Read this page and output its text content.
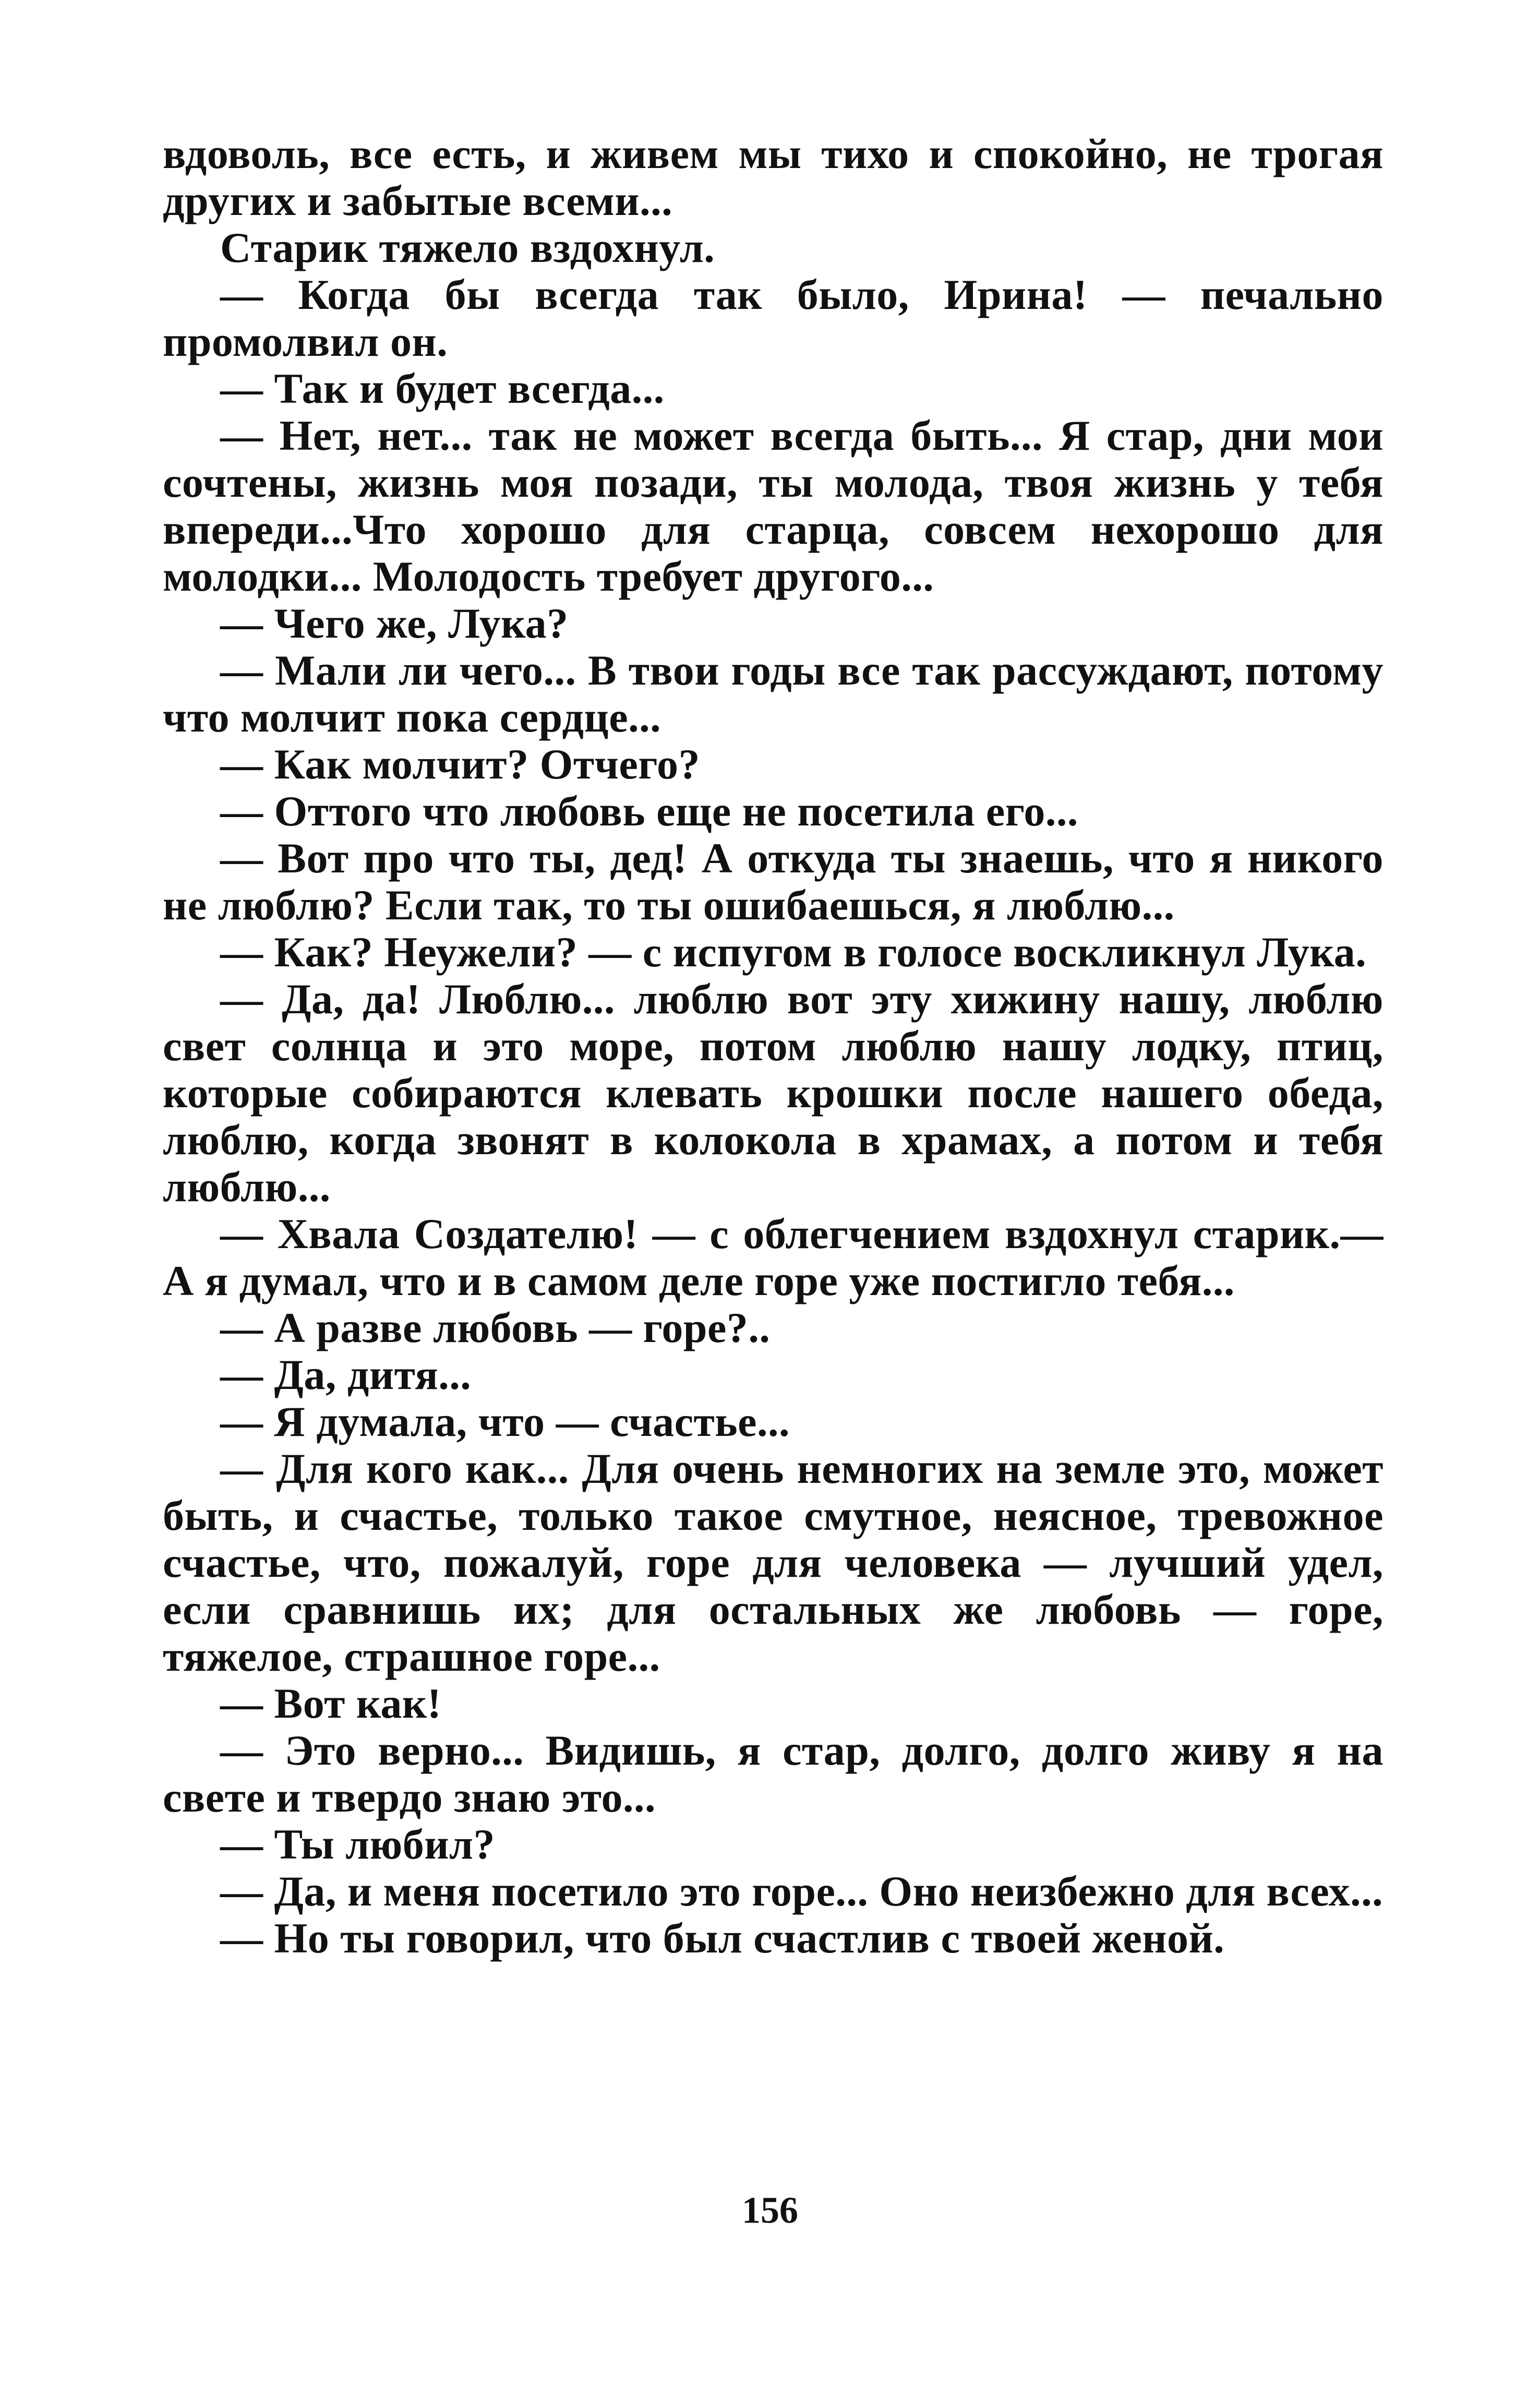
вдоволь, все есть, и живем мы тихо и спокойно, не трогая других и забытые всеми...

Старик тяжело вздохнул.

— Когда бы всегда так было, Ирина! — печально промолвил он.

— Так и будет всегда...

— Нет, нет... так не может всегда быть... Я стар, дни мои сочтены, жизнь моя позади, ты молода, твоя жизнь у тебя впереди...Что хорошо для старца, совсем нехорошо для молодки... Молодость требует другого...

— Чего же, Лука?

— Мали ли чего... В твои годы все так рассуждают, потому что молчит пока сердце...

— Как молчит? Отчего?

— Оттого что любовь еще не посетила его...

— Вот про что ты, дед! А откуда ты знаешь, что я никого не люблю? Если так, то ты ошибаешься, я люблю...

— Как? Неужели? — с испугом в голосе воскликнул Лука.

— Да, да! Люблю... люблю вот эту хижину нашу, люблю свет солнца и это море, потом люблю нашу лодку, птиц, которые собираются клевать крошки после нашего обеда, люблю, когда звонят в колокола в храмах, а потом и тебя люблю...

— Хвала Создателю! — с облегчением вздохнул старик.— А я думал, что и в самом деле горе уже постигло тебя...

— А разве любовь — горе?..

— Да, дитя...

— Я думала, что — счастье...

— Для кого как... Для очень немногих на земле это, может быть, и счастье, только такое смутное, неясное, тревожное счастье, что, пожалуй, горе для человека — лучший удел, если сравнишь их; для остальных же любовь — горе, тяжелое, страшное горе...

— Вот как!

— Это верно... Видишь, я стар, долго, долго живу я на свете и твердо знаю это...

— Ты любил?

— Да, и меня посетило это горе... Оно неизбежно для всех...

— Но ты говорил, что был счастлив с твоей женой.

156
